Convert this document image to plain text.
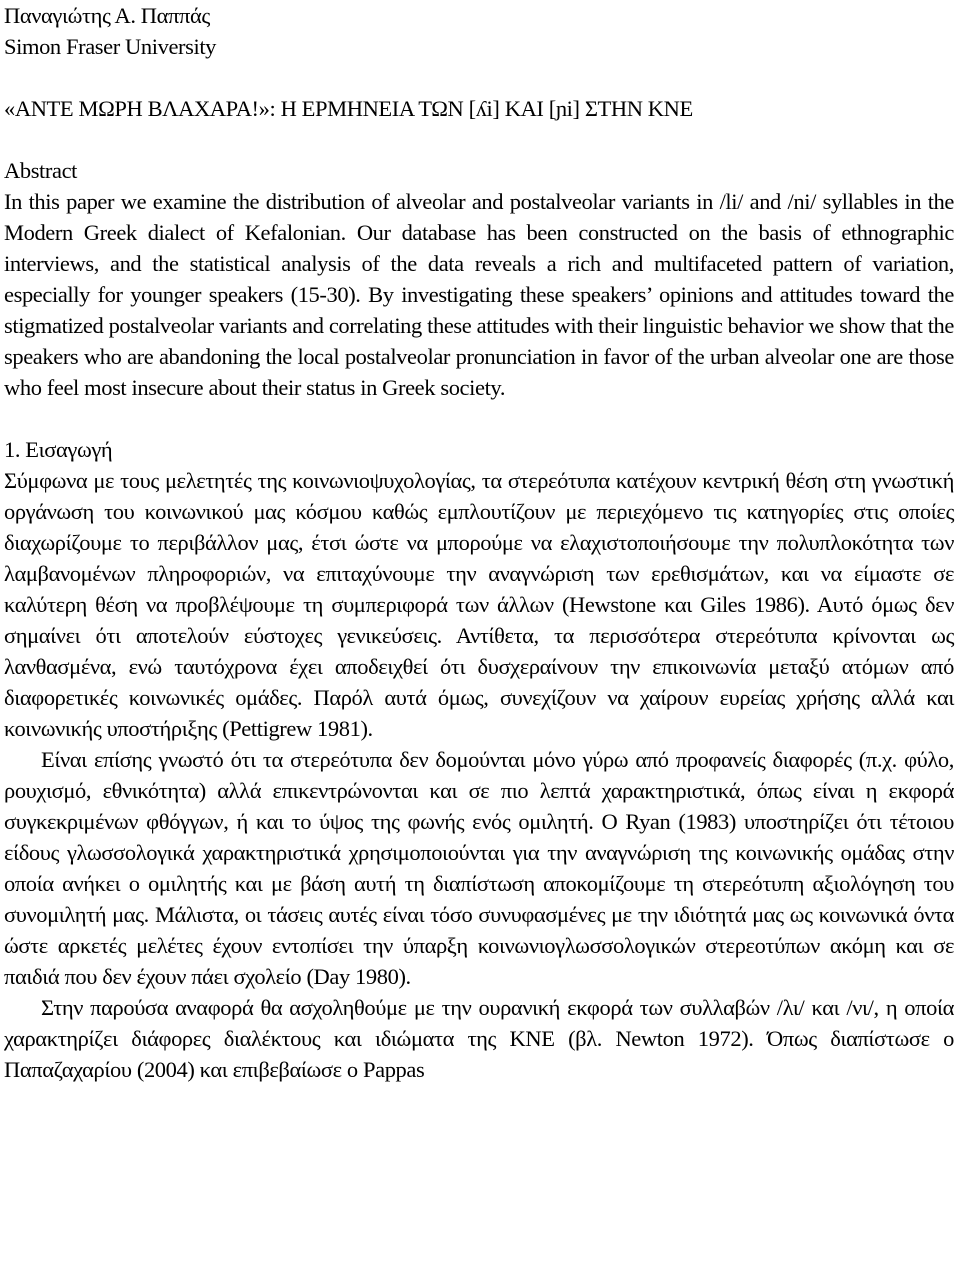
Παναγιώτης Α. Παππάς
Simon Fraser University
«ΑΝΤΕ ΜΩΡΗ ΒΛΑΧΑΡΑ!»: Η ΕΡΜΗΝΕΙΑ ΤΩΝ [ʎi] ΚΑΙ [ɲi] ΣΤΗΝ ΚΝΕ
Abstract

In this paper we examine the distribution of alveolar and postalveolar variants in /li/ and /ni/ syllables in the Modern Greek dialect of Kefalonian. Our database has been constructed on the basis of ethnographic interviews, and the statistical analysis of the data reveals a rich and multifaceted pattern of variation, especially for younger speakers (15-30). By investigating these speakers’ opinions and attitudes toward the stigmatized postalveolar variants and correlating these attitudes with their linguistic behavior we show that the speakers who are abandoning the local postalveolar pronunciation in favor of the urban alveolar one are those who feel most insecure about their status in Greek society.

1. Εισαγωγή

Σύμφωνα με τους μελετητές της κοινωνιοψυχολογίας, τα στερεότυπα κατέχουν κεντρική θέση στη γνωστική οργάνωση του κοινωνικού μας κόσμου καθώς εμπλουτίζουν με περιεχόμενο τις κατηγορίες στις οποίες διαχωρίζουμε το περιβάλλον μας, έτσι ώστε να μπορούμε να ελαχιστοποιήσουμε την πολυπλοκότητα των λαμβανομένων πληροφοριών, να επιταχύνουμε την αναγνώριση των ερεθισμάτων, και να είμαστε σε καλύτερη θέση να προβλέψουμε τη συμπεριφορά των άλλων (Hewstone και Giles 1986). Αυτό όμως δεν σημαίνει ότι αποτελούν εύστοχες γενικεύσεις. Αντίθετα, τα περισσότερα στερεότυπα κρίνονται ως λανθασμένα, ενώ ταυτόχρονα έχει αποδειχθεί ότι δυσχεραίνουν την επικοινωνία μεταξύ ατόμων από διαφορετικές κοινωνικές ομάδες. Παρόλ αυτά όμως, συνεχίζουν να χαίρουν ευρείας χρήσης αλλά και κοινωνικής υποστήριξης (Pettigrew 1981).

Είναι επίσης γνωστό ότι τα στερεότυπα δεν δομούνται μόνο γύρω από προφανείς διαφορές (π.χ. φύλο, ρουχισμό, εθνικότητα) αλλά επικεντρώνονται και σε πιο λεπτά χαρακτηριστικά, όπως είναι η εκφορά συγκεκριμένων φθόγγων, ή και το ύψος της φωνής ενός ομιλητή. Ο Ryan (1983) υποστηρίζει ότι τέτοιου είδους γλωσσολογικά χαρακτηριστικά χρησιμοποιούνται για την αναγνώριση της κοινωνικής ομάδας στην οποία ανήκει ο ομιλητής και με βάση αυτή τη διαπίστωση αποκομίζουμε τη στερεότυπη αξιολόγηση του συνομιλητή μας. Μάλιστα, οι τάσεις αυτές είναι τόσο συνυφασμένες με την ιδιότητά μας ως κοινωνικά όντα ώστε αρκετές μελέτες έχουν εντοπίσει την ύπαρξη κοινωνιογλωσσολογικών στερεοτύπων ακόμη και σε παιδιά που δεν έχουν πάει σχολείο (Day 1980).

Στην παρούσα αναφορά θα ασχοληθούμε με την ουρανική εκφορά των συλλαβών /λι/ και /νι/, η οποία χαρακτηρίζει διάφορες διαλέκτους και ιδιώματα της ΚΝΕ (βλ. Newton 1972). Όπως διαπίστωσε ο Παπαζαχαρίου (2004) και επιβεβαίωσε ο Pappas
